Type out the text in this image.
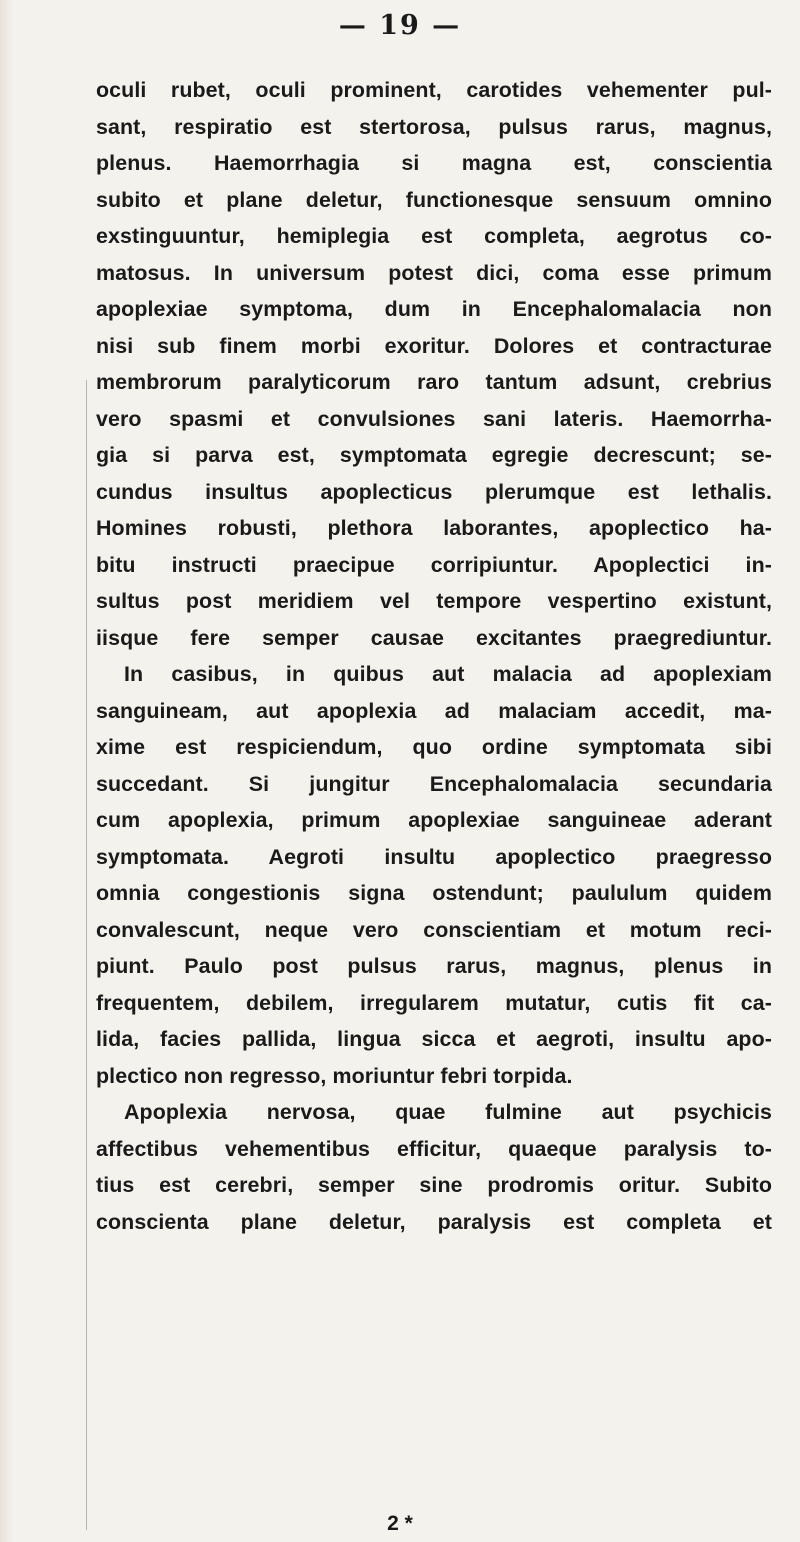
— 19 —
oculi rubet, oculi prominent, carotides vehementer pul-
sant, respiratio est stertorosa, pulsus rarus, magnus,
plenus. Haemorrhagia si magna est, conscientia
subito et plane deletur, functionesque sensuum omnino
exstinguuntur, hemiplegia est completa, aegrotus co-
matosus. In universum potest dici, coma esse primum
apoplexiae symptoma, dum in Encephalomalacia non
nisi sub finem morbi exoritur. Dolores et contracturae
membrorum paralyticorum raro tantum adsunt, crebrius
vero spasmi et convulsiones sani lateris. Haemorrha-
gia si parva est, symptomata egregie decrescunt; se-
cundus insultus apoplecticus plerumque est lethalis.
Homines robusti, plethora laborantes, apoplectico ha-
bitu instructi praecipue corripiuntur. Apoplectici in-
sultus post meridiem vel tempore vespertino existunt,
iisque fere semper causae excitantes praegrediuntur.
In casibus, in quibus aut malacia ad apoplexiam
sanguineam, aut apoplexia ad malaciam accedit, ma-
xime est respiciendum, quo ordine symptomata sibi
succedant. Si jungitur Encephalomalacia secundaria
cum apoplexia, primum apoplexiae sanguineae aderant
symptomata. Aegroti insultu apoplectico praegresso
omnia congestionis signa ostendunt; paululum quidem
convalescunt, neque vero conscientiam et motum reci-
piunt. Paulo post pulsus rarus, magnus, plenus in
frequentem, debilem, irregularem mutatur, cutis fit ca-
lida, facies pallida, lingua sicca et aegroti, insultu apo-
plectico non regresso, moriuntur febri torpida.
Apoplexia nervosa, quae fulmine aut psychicis
affectibus vehementibus efficitur, quaeque paralysis to-
tius est cerebri, semper sine prodromis oritur. Subito
conscienta plane deletur, paralysis est completa et
2 *
